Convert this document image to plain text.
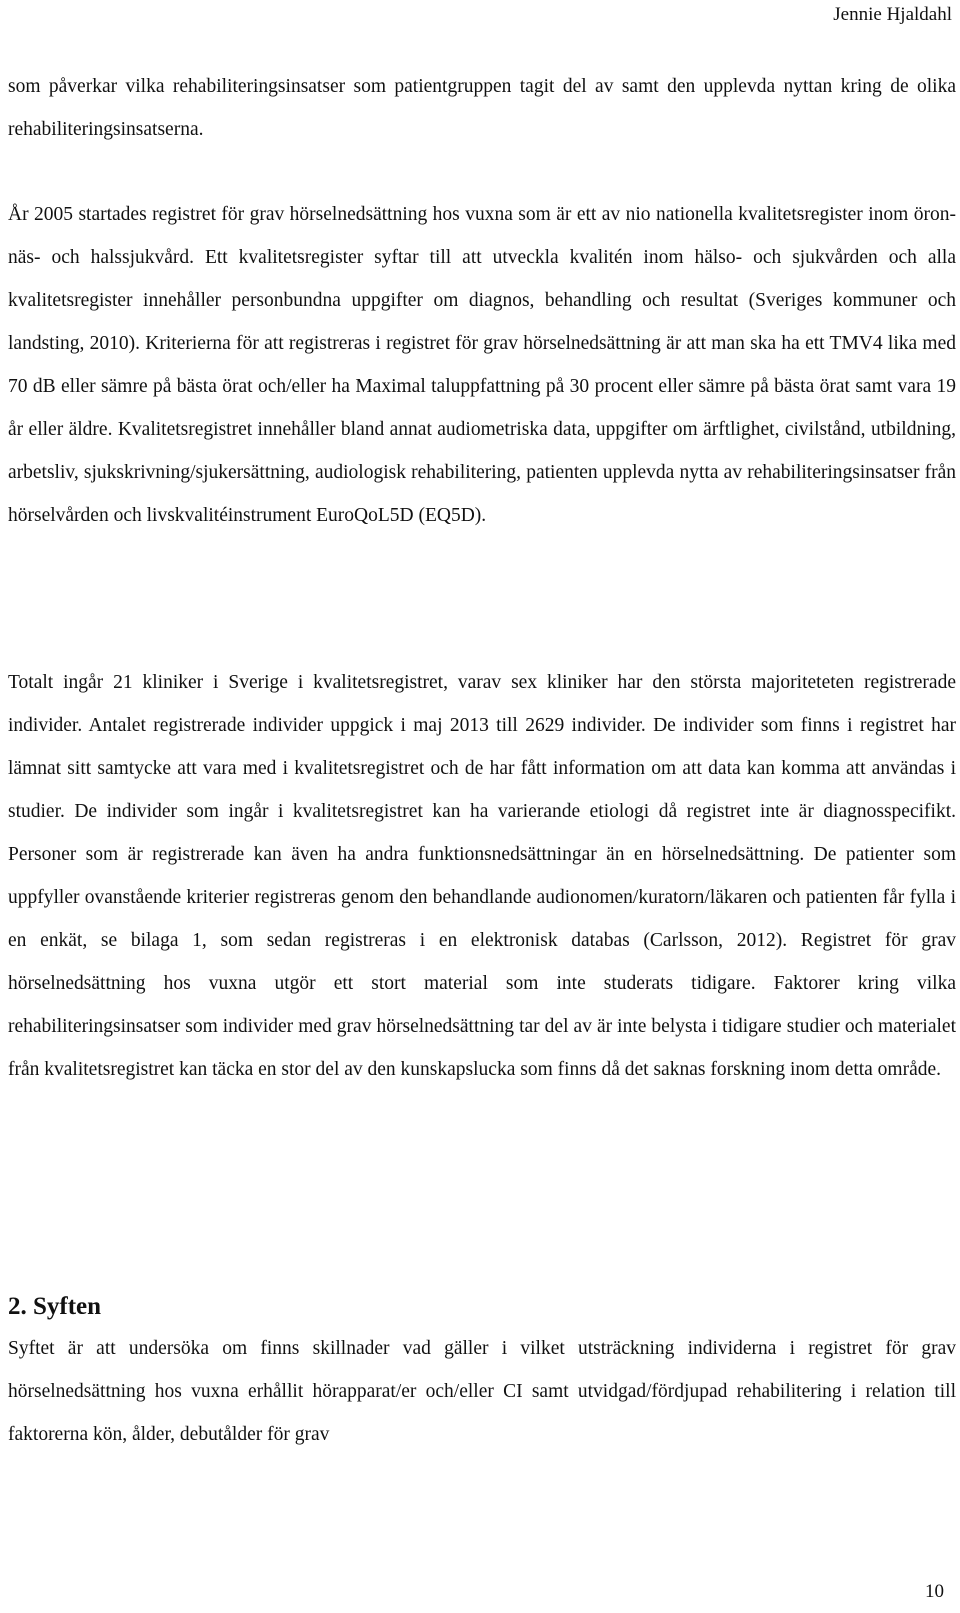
Jennie Hjaldahl

som påverkar vilka rehabiliteringsinsatser som patientgruppen tagit del av samt den upplevda nyttan kring de olika rehabiliteringsinsatserna.

År 2005 startades registret för grav hörselnedsättning hos vuxna som är ett av nio nationella kvalitetsregister inom öron- näs- och halssjukvård. Ett kvalitetsregister syftar till att utveckla kvalitén inom hälso- och sjukvården och alla kvalitetsregister innehåller personbundna uppgifter om diagnos, behandling och resultat (Sveriges kommuner och landsting, 2010). Kriterierna för att registreras i registret för grav hörselnedsättning är att man ska ha ett TMV4 lika med 70 dB eller sämre på bästa örat och/eller ha Maximal taluppfattning på 30 procent eller sämre på bästa örat samt vara 19 år eller äldre. Kvalitetsregistret innehåller bland annat audiometriska data, uppgifter om ärftlighet, civilstånd, utbildning, arbetsliv, sjukskrivning/sjukersättning, audiologisk rehabilitering, patienten upplevda nytta av rehabiliteringsinsatser från hörselvården och livskvalitéinstrument EuroQoL5D (EQ5D).

Totalt ingår 21 kliniker i Sverige i kvalitetsregistret, varav sex kliniker har den största majoriteteten registrerade individer. Antalet registrerade individer uppgick i maj 2013 till 2629 individer. De individer som finns i registret har lämnat sitt samtycke att vara med i kvalitetsregistret och de har fått information om att data kan komma att användas i studier. De individer som ingår i kvalitetsregistret kan ha varierande etiologi då registret inte är diagnosspecifikt. Personer som är registrerade kan även ha andra funktionsnedsättningar än en hörselnedsättning. De patienter som uppfyller ovanstående kriterier registreras genom den behandlande audionomen/kuratorn/läkaren och patienten får fylla i en enkät, se bilaga 1, som sedan registreras i en elektronisk databas (Carlsson, 2012). Registret för grav hörselnedsättning hos vuxna utgör ett stort material som inte studerats tidigare. Faktorer kring vilka rehabiliteringsinsatser som individer med grav hörselnedsättning tar del av är inte belysta i tidigare studier och materialet från kvalitetsregistret kan täcka en stor del av den kunskapslucka som finns då det saknas forskning inom detta område.

2. Syften

Syftet är att undersöka om finns skillnader vad gäller i vilket utsträckning individerna i registret för grav hörselnedsättning hos vuxna erhållit hörapparat/er och/eller CI samt utvidgad/fördjupad rehabilitering i relation till faktorerna kön, ålder, debutålder för grav

10
